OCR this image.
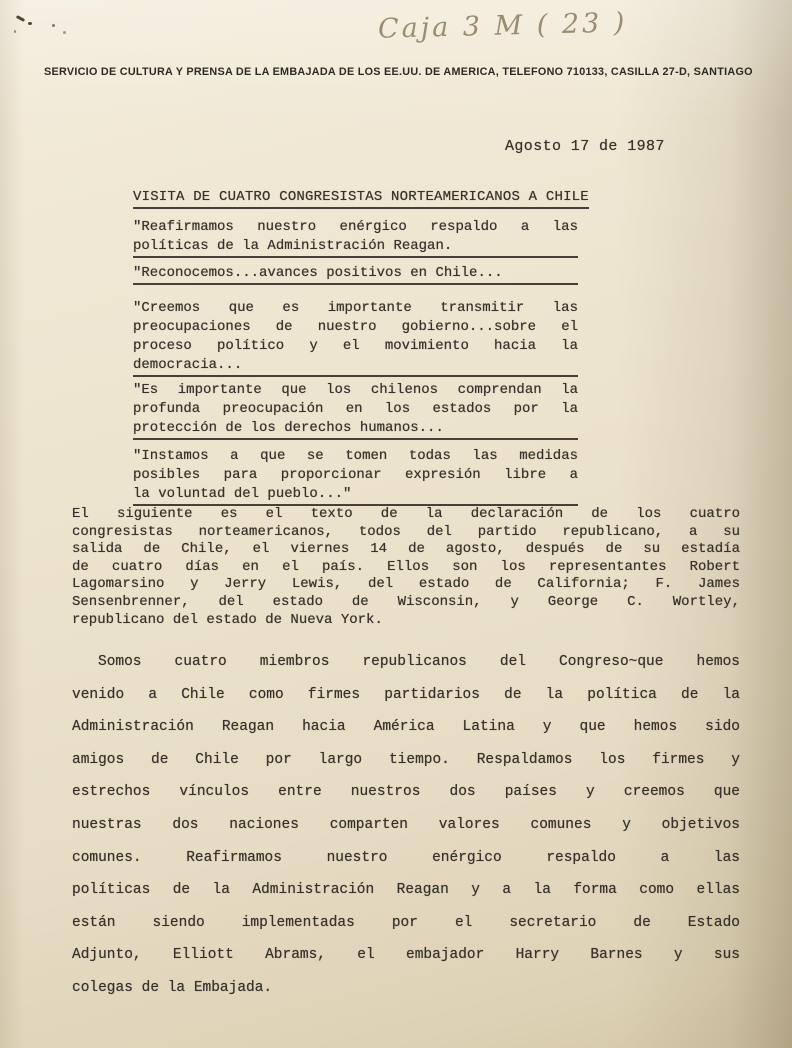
Caja 3 M ( 23 )
SERVICIO DE CULTURA Y PRENSA DE LA EMBAJADA DE LOS EE.UU. DE AMERICA, TELEFONO 710133, CASILLA 27-D, SANTIAGO
Agosto 17 de 1987
VISITA DE CUATRO CONGRESISTAS NORTEAMERICANOS A CHILE
"Reafirmamos nuestro enérgico respaldo a las
políticas de la Administración Reagan.
"Reconocemos...avances positivos en Chile...
"Creemos que es importante transmitir las
preocupaciones de nuestro gobierno...sobre el
proceso político y el movimiento hacia la
democracia...
"Es importante que los chilenos comprendan la
profunda preocupación en los estados por la
protección de los derechos humanos...
"Instamos a que se tomen todas las medidas
posibles para proporcionar expresión libre a
la voluntad del pueblo..."
El siguiente es el texto de la declaración de los cuatro
congresistas norteamericanos, todos del partido republicano, a su
salida de Chile, el viernes 14 de agosto, después de su estadía
de cuatro días en el país. Ellos son los representantes Robert
Lagomarsino y Jerry Lewis, del estado de California; F. James
Sensenbrenner, del estado de Wisconsin, y George C. Wortley,
republicano del estado de Nueva York.
Somos cuatro miembros republicanos del Congreso~que hemos
venido a Chile como firmes partidarios de la política de la
Administración Reagan hacia América Latina y que hemos sido
amigos de Chile por largo tiempo. Respaldamos los firmes y
estrechos vínculos entre nuestros dos países y creemos que
nuestras dos naciones comparten valores comunes y objetivos
comunes. Reafirmamos nuestro enérgico respaldo a las
políticas de la Administración Reagan y a la forma como ellas
están siendo implementadas por el secretario de Estado
Adjunto, Elliott Abrams, el embajador Harry Barnes y sus
colegas de la Embajada.
